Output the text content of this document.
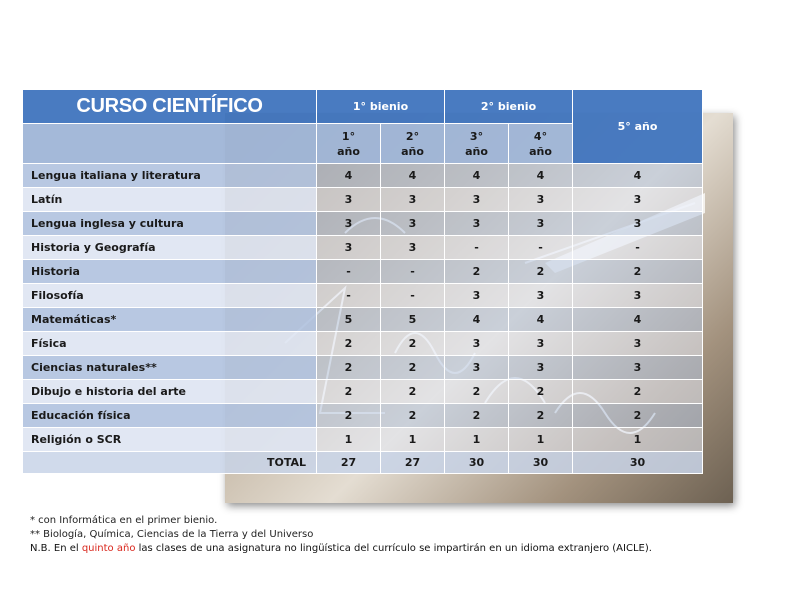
CURSO CIENTÍFICO	1° bienio		2° bienio		5° año
	1° año	2° año	3° año	4° año	
Lengua italiana y literatura	4	4	4	4	4
Latín	3	3	3	3	3
Lengua inglesa y cultura	3	3	3	3	3
Historia y Geografía	3	3	-	-	-
Historia	-	-	2	2	2
Filosofía	-	-	3	3	3
Matemáticas*	5	5	4	4	4
Física	2	2	3	3	3
Ciencias naturales**	2	2	3	3	3
Dibujo e historia del arte	2	2	2	2	2
Educación física	2	2	2	2	2
Religión o SCR	1	1	1	1	1
TOTAL	27	27	30	30	30
* con Informática en el primer bienio.
** Biología, Química, Ciencias de la Tierra y del Universo
N.B. En el quinto año las clases de una asignatura no lingüística del currículo se impartirán en un idioma extranjero (AICLE).
